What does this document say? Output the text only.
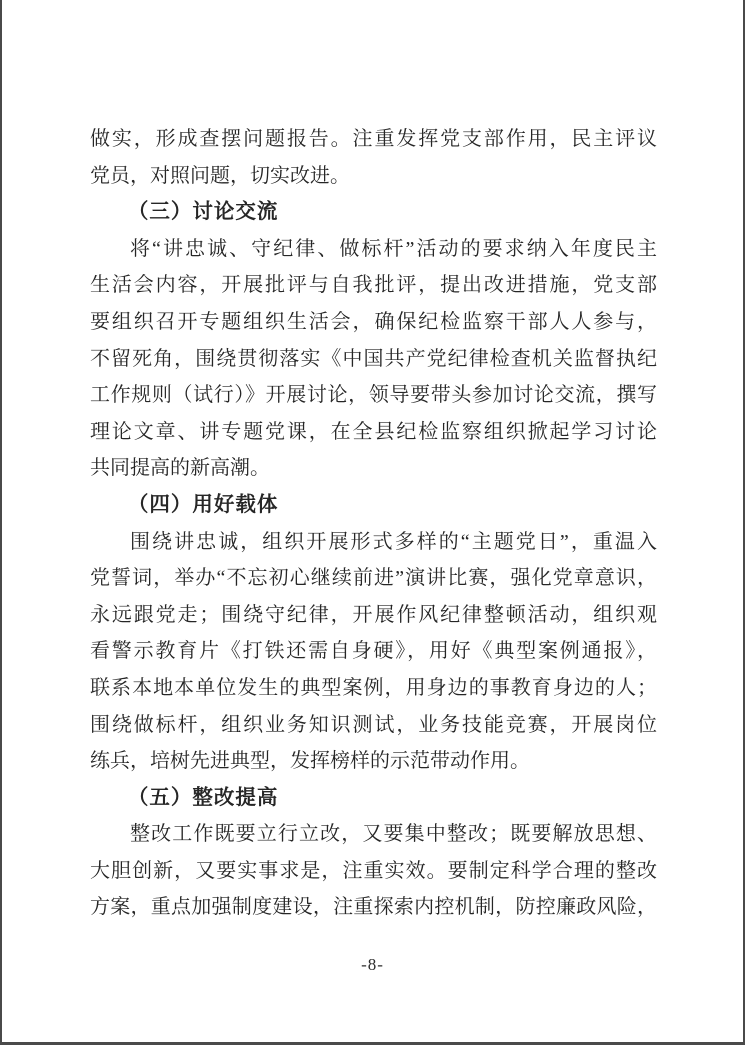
做实，形成查摆问题报告。注重发挥党支部作用，民主评议
党员，对照问题，切实改进。
（三）讨论交流
将“讲忠诚、守纪律、做标杆”活动的要求纳入年度民主
生活会内容，开展批评与自我批评，提出改进措施，党支部
要组织召开专题组织生活会，确保纪检监察干部人人参与，
不留死角，围绕贯彻落实《中国共产党纪律检查机关监督执纪
工作规则（试行）》开展讨论，领导要带头参加讨论交流，撰写
理论文章、讲专题党课，在全县纪检监察组织掀起学习讨论
共同提高的新高潮。
（四）用好载体
围绕讲忠诚，组织开展形式多样的“主题党日”，重温入
党誓词，举办“不忘初心继续前进”演讲比赛，强化党章意识，
永远跟党走；围绕守纪律，开展作风纪律整顿活动，组织观
看警示教育片《打铁还需自身硬》，用好《典型案例通报》，
联系本地本单位发生的典型案例，用身边的事教育身边的人；
围绕做标杆，组织业务知识测试，业务技能竞赛，开展岗位
练兵，培树先进典型，发挥榜样的示范带动作用。
（五）整改提高
整改工作既要立行立改，又要集中整改；既要解放思想、
大胆创新，又要实事求是，注重实效。要制定科学合理的整改
方案，重点加强制度建设，注重探索内控机制，防控廉政风险，
-8-
